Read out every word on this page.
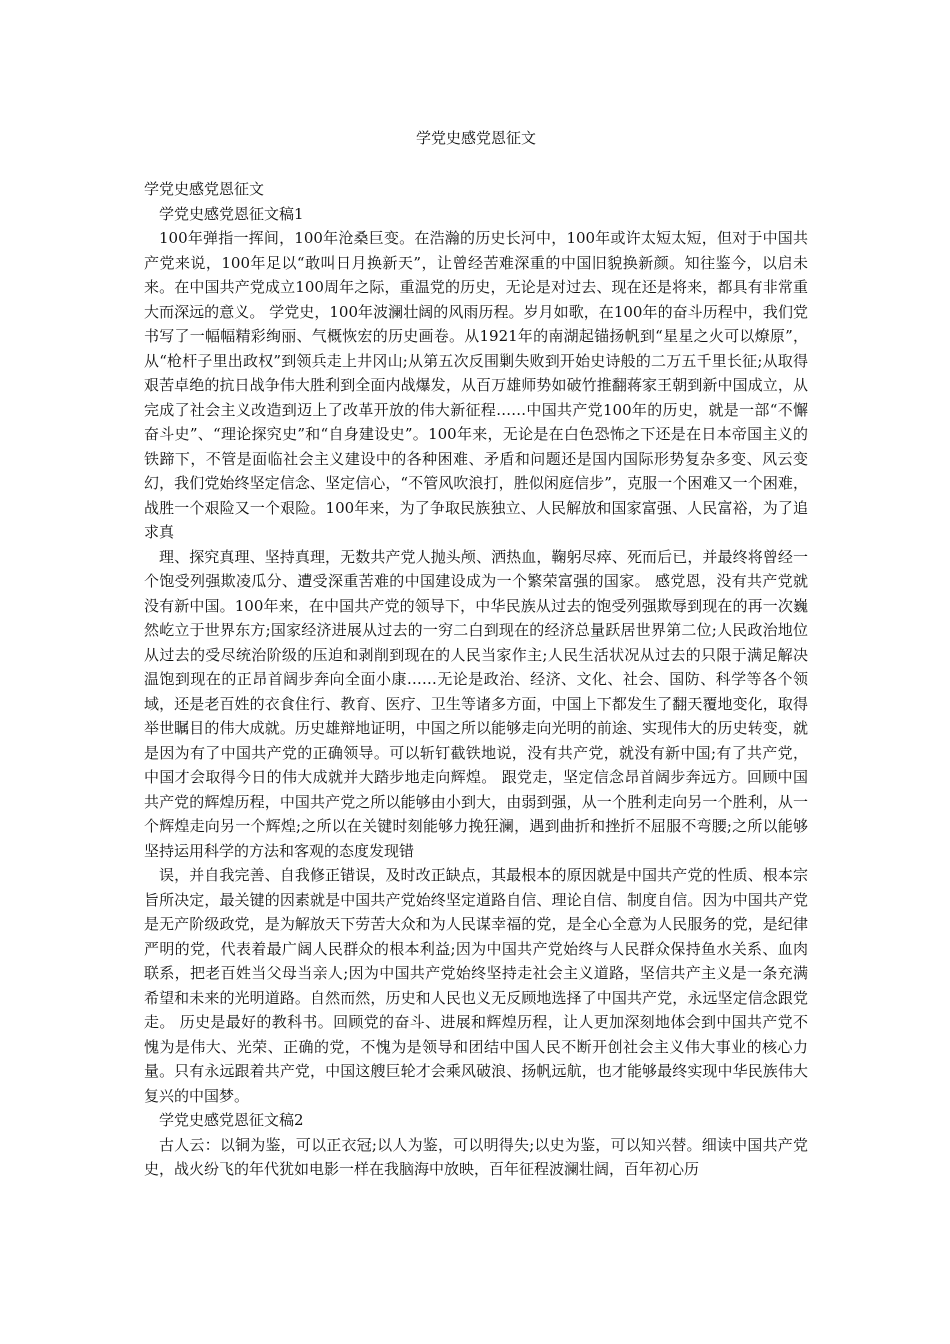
学党史感党恩征文

学党史感党恩征文

学党史感党恩征文稿1

100年弹指一挥间，100年沧桑巨变。在浩瀚的历史长河中，100年或许太短太短，但对于中国共产党来说，100年足以“敢叫日月换新天”，让曾经苦难深重的中国旧貌换新颜。知往鉴今，以启未来。在中国共产党成立100周年之际，重温党的历史，无论是对过去、现在还是将来，都具有非常重大而深远的意义。 学党史，100年波澜壮阔的风雨历程。岁月如歌，在100年的奋斗历程中，我们党书写了一幅幅精彩绚丽、气概恢宏的历史画卷。从1921年的南湖起锚扬帆到“星星之火可以燎原”，从“枪杆子里出政权”到领兵走上井冈山;从第五次反围剿失败到开始史诗般的二万五千里长征;从取得艰苦卓绝的抗日战争伟大胜利到全面内战爆发，从百万雄师势如破竹推翻蒋家王朝到新中国成立，从完成了社会主义改造到迈上了改革开放的伟大新征程……中国共产党100年的历史，就是一部“不懈奋斗史”、“理论探究史”和“自身建设史”。100年来，无论是在白色恐怖之下还是在日本帝国主义的铁蹄下，不管是面临社会主义建设中的各种困难、矛盾和问题还是国内国际形势复杂多变、风云变幻，我们党始终坚定信念、坚定信心，“不管风吹浪打，胜似闲庭信步”，克服一个困难又一个困难，战胜一个艰险又一个艰险。100年来，为了争取民族独立、人民解放和国家富强、人民富裕，为了追求真

理、探究真理、坚持真理，无数共产党人抛头颅、洒热血，鞠躬尽瘁、死而后已，并最终将曾经一个饱受列强欺凌瓜分、遭受深重苦难的中国建设成为一个繁荣富强的国家。 感党恩，没有共产党就没有新中国。100年来，在中国共产党的领导下，中华民族从过去的饱受列强欺辱到现在的再一次巍然屹立于世界东方;国家经济进展从过去的一穷二白到现在的经济总量跃居世界第二位;人民政治地位从过去的受尽统治阶级的压迫和剥削到现在的人民当家作主;人民生活状况从过去的只限于满足解决温饱到现在的正昂首阔步奔向全面小康……无论是政治、经济、文化、社会、国防、科学等各个领域，还是老百姓的衣食住行、教育、医疗、卫生等诸多方面，中国上下都发生了翻天覆地变化，取得举世瞩目的伟大成就。历史雄辩地证明，中国之所以能够走向光明的前途、实现伟大的历史转变，就是因为有了中国共产党的正确领导。可以斩钉截铁地说，没有共产党，就没有新中国;有了共产党，中国才会取得今日的伟大成就并大踏步地走向辉煌。 跟党走，坚定信念昂首阔步奔远方。回顾中国共产党的辉煌历程，中国共产党之所以能够由小到大，由弱到强，从一个胜利走向另一个胜利，从一个辉煌走向另一个辉煌;之所以在关键时刻能够力挽狂澜，遇到曲折和挫折不屈服不弯腰;之所以能够坚持运用科学的方法和客观的态度发现错

误，并自我完善、自我修正错误，及时改正缺点，其最根本的原因就是中国共产党的性质、根本宗旨所决定，最关键的因素就是中国共产党始终坚定道路自信、理论自信、制度自信。因为中国共产党是无产阶级政党，是为解放天下劳苦大众和为人民谋幸福的党，是全心全意为人民服务的党，是纪律严明的党，代表着最广阔人民群众的根本利益;因为中国共产党始终与人民群众保持鱼水关系、血肉联系，把老百姓当父母当亲人;因为中国共产党始终坚持走社会主义道路，坚信共产主义是一条充满希望和未来的光明道路。自然而然，历史和人民也义无反顾地选择了中国共产党，永远坚定信念跟党走。 历史是最好的教科书。回顾党的奋斗、进展和辉煌历程，让人更加深刻地体会到中国共产党不愧为是伟大、光荣、正确的党，不愧为是领导和团结中国人民不断开创社会主义伟大事业的核心力量。只有永远跟着共产党，中国这艘巨轮才会乘风破浪、扬帆远航，也才能够最终实现中华民族伟大复兴的中国梦。

学党史感党恩征文稿2

古人云：以铜为鉴，可以正衣冠;以人为鉴，可以明得失;以史为鉴，可以知兴替。细读中国共产党史，战火纷飞的年代犹如电影一样在我脑海中放映，百年征程波澜壮阔，百年初心历
